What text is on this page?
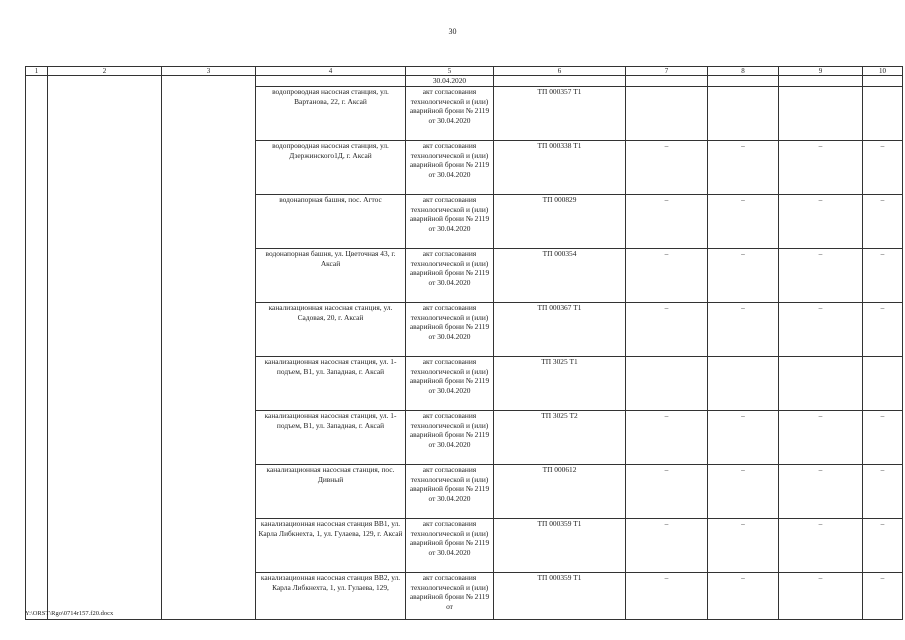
30
1	2	3	4	5	6	7	8	9	10
				30.04.2020					
			водопроводная насосная станция, ул. Вартанова, 22, г. Аксай	акт согласования технологической и (или) аварийной брони № 2119 от 30.04.2020	ТП 000357 Т1				
			водопроводная насосная станция, ул. Дзержинского1Д, г. Аксай	акт согласования технологической и (или) аварийной брони № 2119 от 30.04.2020	ТП 000338 Т1	–	–	–	–
			водонапорная башня, пос. Агтос	акт согласования технологической и (или) аварийной брони № 2119 от 30.04.2020	ТП 000829	–	–	–	–
			водонапорная башня, ул. Цветочная 43, г. Аксай	акт согласования технологической и (или) аварийной брони № 2119 от 30.04.2020	ТП 000354	–	–	–	–
			канализационная насосная станция, ул. Садовая, 20, г. Аксай	акт согласования технологической и (или) аварийной брони № 2119 от 30.04.2020	ТП 000367 Т1	–	–	–	–
			канализационная насосная станция, ул. 1-подъем, В1, ул. Западная, г. Аксай	акт согласования технологической и (или) аварийной брони № 2119 от 30.04.2020	ТП 3025 Т1				
			канализационная насосная станция, ул. 1-подъем, В1, ул. Западная, г. Аксай	акт согласования технологической и (или) аварийной брони № 2119 от 30.04.2020	ТП 3025 Т2	–	–	–	–
			канализационная насосная станция, пос. Дивный	акт согласования технологической и (или) аварийной брони № 2119 от 30.04.2020	ТП 000612	–	–	–	–
			канализационная насосная станция ВВ1, ул. Карла Либкнехта, 1, ул. Гулаева, 129, г. Аксай	акт согласования технологической и (или) аварийной брони № 2119 от 30.04.2020	ТП 000359 Т1	–	–	–	–
			канализационная насосная станция ВВ2, ул. Карла Либкнехта, 1, ул. Гулаева, 129,	акт согласования технологической и (или) аварийной брони № 2119 от	ТП 000359 Т1	–	–	–	–
Y:\ORST\Rgo\0714r157.f20.docx
